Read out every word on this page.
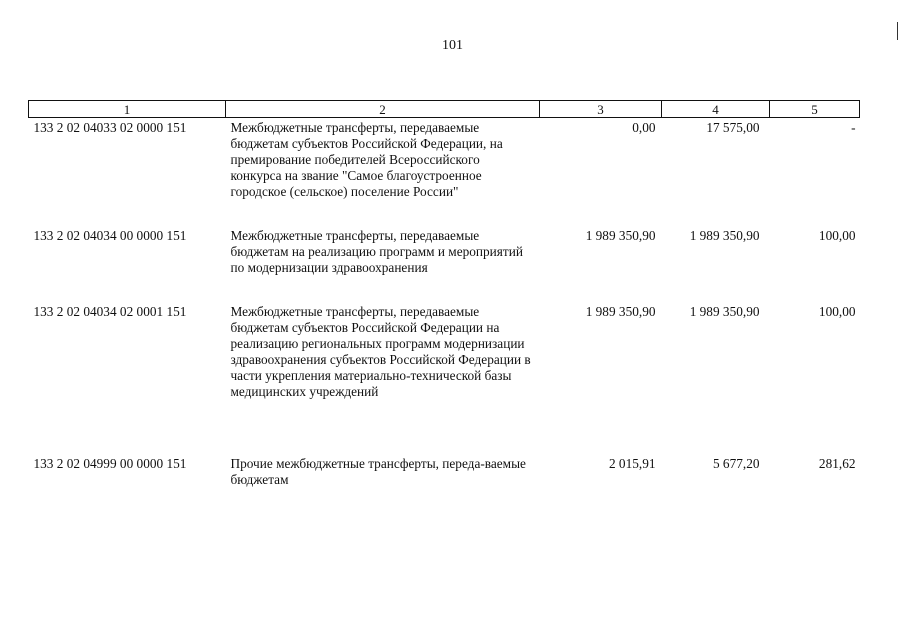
101
1	2	3	4	5
133 2 02 04033 02 0000 151	Межбюджетные трансферты, передаваемые бюджетам субъектов Российской Федерации, на премирование победителей Всероссийского конкурса на звание "Самое благоустроенное городское (сельское) поселение России"	0,00	17 575,00	-
133 2 02 04034 00 0000 151	Межбюджетные трансферты, передаваемые бюджетам на реализацию программ и мероприятий по модернизации здравоохранения	1 989 350,90	1 989 350,90	100,00
133 2 02 04034 02 0001 151	Межбюджетные трансферты, передаваемые бюджетам субъектов Российской Федерации на реализацию региональных программ модернизации здравоохранения субъектов Российской Федерации в части укрепления материально-технической базы медицинских учреждений	1 989 350,90	1 989 350,90	100,00
133 2 02 04999 00 0000 151	Прочие межбюджетные трансферты, переда-ваемые бюджетам	2 015,91	5 677,20	281,62
